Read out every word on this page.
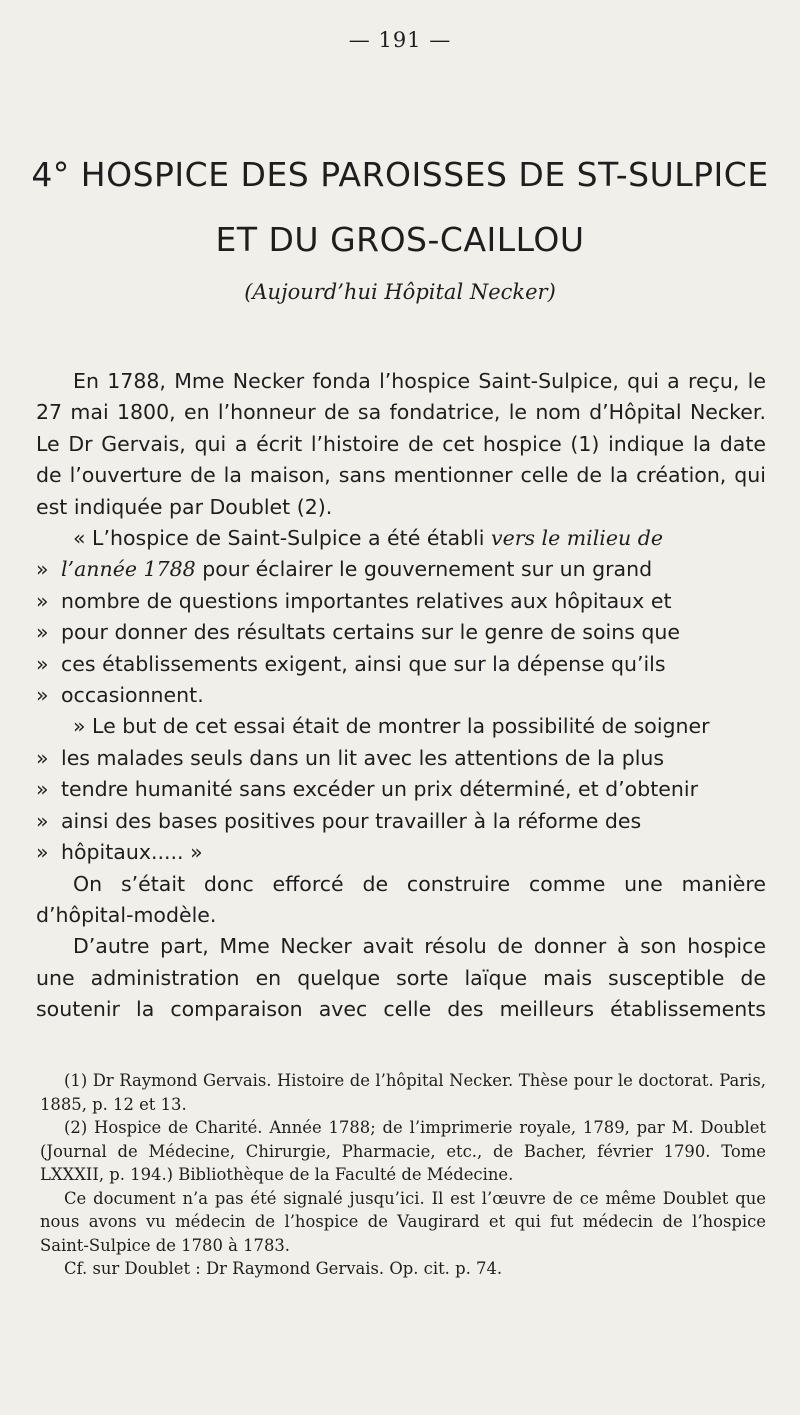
— 191 —
4° HOSPICE DES PAROISSES DE ST-SULPICE
ET DU GROS-CAILLOU
(Aujourd’hui Hôpital Necker)

En 1788, Mme Necker fonda l’hospice Saint-Sulpice, qui a reçu, le 27 mai 1800, en l’honneur de sa fondatrice, le nom d’Hôpital Necker. Le Dr Gervais, qui a écrit l’histoire de cet hospice (1) indique la date de l’ouverture de la maison, sans mentionner celle de la création, qui est indiquée par Doublet (2).

« L’hospice de Saint-Sulpice a été établi vers le milieu de

» l’année 1788 pour éclairer le gouvernement sur un grand

» nombre de questions importantes relatives aux hôpitaux et

» pour donner des résultats certains sur le genre de soins que

» ces établissements exigent, ainsi que sur la dépense qu’ils

» occasionnent.

» Le but de cet essai était de montrer la possibilité de soigner

» les malades seuls dans un lit avec les attentions de la plus

» tendre humanité sans excéder un prix déterminé, et d’obtenir

» ainsi des bases positives pour travailler à la réforme des

» hôpitaux..... »

On s’était donc efforcé de construire comme une manière d’hôpital-modèle.

D’autre part, Mme Necker avait résolu de donner à son hospice une administration en quelque sorte laïque mais susceptible de soutenir la comparaison avec celle des meilleurs établissements

(1) Dr Raymond Gervais. Histoire de l’hôpital Necker. Thèse pour le doctorat. Paris, 1885, p. 12 et 13.

(2) Hospice de Charité. Année 1788; de l’imprimerie royale, 1789, par M. Doublet (Journal de Médecine, Chirurgie, Pharmacie, etc., de Bacher, février 1790. Tome LXXXII, p. 194.) Bibliothèque de la Faculté de Médecine.

Ce document n’a pas été signalé jusqu’ici. Il est l’œuvre de ce même Doublet que nous avons vu médecin de l’hospice de Vaugirard et qui fut médecin de l’hospice Saint-Sulpice de 1780 à 1783.

Cf. sur Doublet : Dr Raymond Gervais. Op. cit. p. 74.
